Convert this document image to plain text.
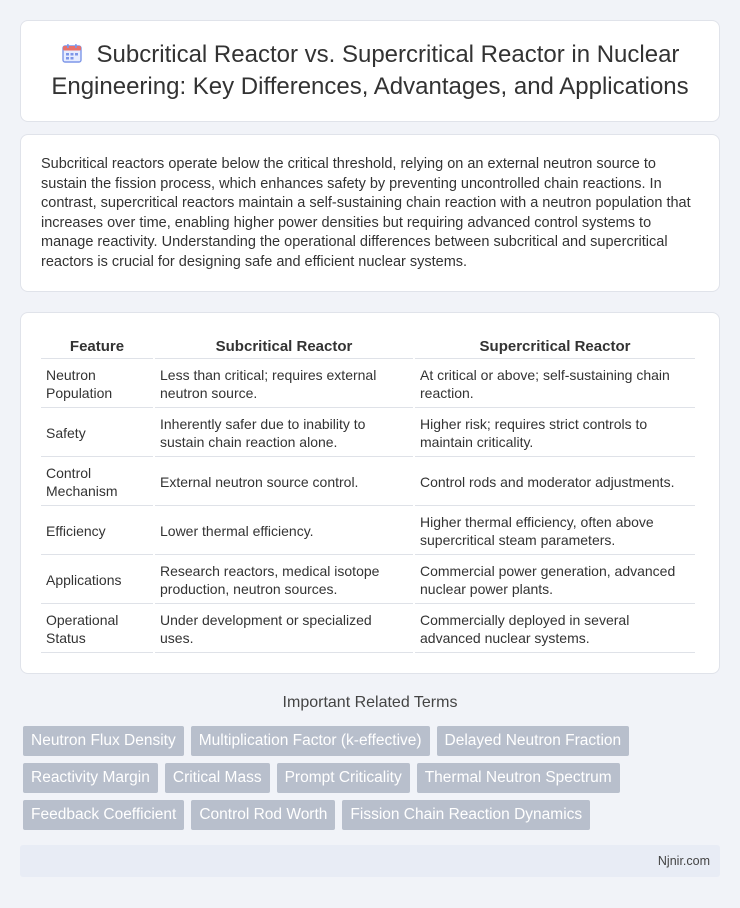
Subcritical Reactor vs. Supercritical Reactor in Nuclear Engineering: Key Differences, Advantages, and Applications

Subcritical reactors operate below the critical threshold, relying on an external neutron source to sustain the fission process, which enhances safety by preventing uncontrolled chain reactions. In contrast, supercritical reactors maintain a self-sustaining chain reaction with a neutron population that increases over time, enabling higher power densities but requiring advanced control systems to manage reactivity. Understanding the operational differences between subcritical and supercritical reactors is crucial for designing safe and efficient nuclear systems.

Feature	Subcritical Reactor	Supercritical Reactor
Neutron Population	Less than critical; requires external neutron source.	At critical or above; self-sustaining chain reaction.
Safety	Inherently safer due to inability to sustain chain reaction alone.	Higher risk; requires strict controls to maintain criticality.
Control Mechanism	External neutron source control.	Control rods and moderator adjustments.
Efficiency	Lower thermal efficiency.	Higher thermal efficiency, often above supercritical steam parameters.
Applications	Research reactors, medical isotope production, neutron sources.	Commercial power generation, advanced nuclear power plants.
Operational Status	Under development or specialized uses.	Commercially deployed in several advanced nuclear systems.
Important Related Terms
Neutron Flux Density	Multiplication Factor (k-effective)	Delayed Neutron Fraction
Reactivity Margin	Critical Mass	Prompt Criticality	Thermal Neutron Spectrum
Feedback Coefficient	Control Rod Worth	Fission Chain Reaction Dynamics
Njnir.com
